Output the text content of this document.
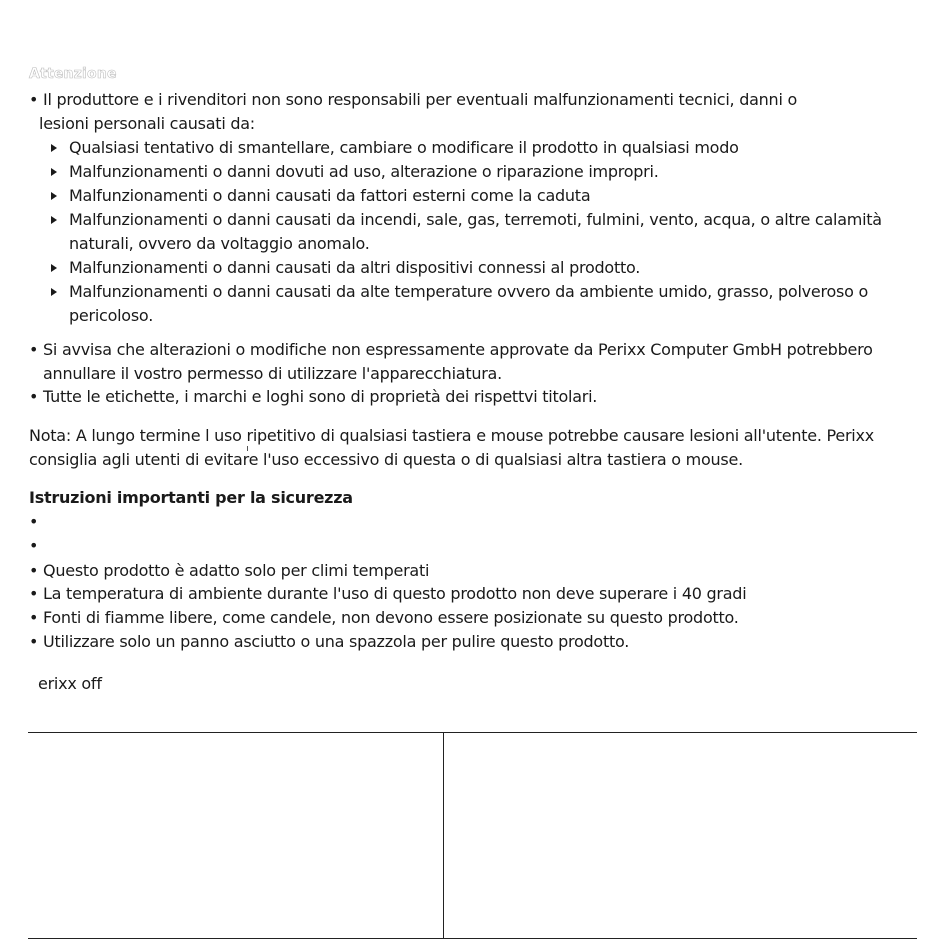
Attenzione
• Il produttore e i rivenditori non sono responsabili per eventuali malfunzionamenti tecnici, danni o
lesioni personali causati da:
Qualsiasi tentativo di smantellare, cambiare o modificare il prodotto in qualsiasi modo
Malfunzionamenti o danni dovuti ad uso, alterazione o riparazione impropri.
Malfunzionamenti o danni causati da fattori esterni come la caduta
Malfunzionamenti o danni causati da incendi, sale, gas, terremoti, fulmini, vento, acqua, o altre calamità
naturali, ovvero da voltaggio anomalo.
Malfunzionamenti o danni causati da altri dispositivi connessi al prodotto.
Malfunzionamenti o danni causati da alte temperature ovvero da ambiente umido, grasso, polveroso o
pericoloso.
• Si avvisa che alterazioni o modifiche non espressamente approvate da Perixx Computer GmbH potrebbero
annullare il vostro permesso di utilizzare l'apparecchiatura.
• Tutte le etichette, i marchi e loghi sono di proprietà dei rispettvi titolari.
Nota: A lungo termine l uso ripetitivo di qualsiasi tastiera e mouse potrebbe causare lesioni all'utente. Perixx
consiglia agli utenti di evitare l'uso eccessivo di questa o di qualsiasi altra tastiera o mouse.
Istruzioni importanti per la sicurezza
•
•
• Questo prodotto è adatto solo per climi temperati
• La temperatura di ambiente durante l'uso di questo prodotto non deve superare i 40 gradi
• Fonti di fiamme libere, come candele, non devono essere posizionate su questo prodotto.
• Utilizzare solo un panno asciutto o una spazzola per pulire questo prodotto.
erixx off
